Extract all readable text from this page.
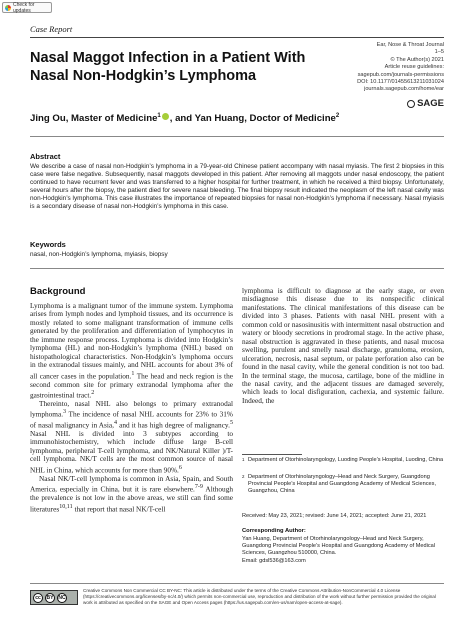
Check for updates
Case Report
Nasal Maggot Infection in a Patient With Nasal Non-Hodgkin’s Lymphoma
Ear, Nose & Throat Journal
1–5
© The Author(s) 2021
Article reuse guidelines:
sagepub.com/journals-permissions
DOI: 10.1177/01455613211031024
journals.sagepub.com/home/ear
SAGE
Jing Ou, Master of Medicine$^1$ , and Yan Huang, Doctor of Medicine$^2$
Abstract
We describe a case of nasal non-Hodgkin’s lymphoma in a 79-year-old Chinese patient accompany with nasal myiasis. The first 2 biopsies in this case were false negative. Subsequently, nasal maggots developed in this patient. After removing all maggots under nasal endoscopy, the patient continued to have recurrent fever and was transferred to a higher hospital for further treatment, in which he received a third biopsy. Unfortunately, several hours after the biopsy, the patient died for severe nasal bleeding. The final biopsy result indicated the neoplasm of the left nasal cavity was non-Hodgkin’s lymphoma. This case illustrates the importance of repeated biopsies for nasal non-Hodgkin’s lymphoma if necessary. Nasal myiasis is a secondary disease of nasal non-Hodgkin’s lymphoma in this case.
Keywords
nasal, non-Hodgkin’s lymphoma, myiasis, biopsy
Background

Lymphoma is a malignant tumor of the immune system. Lymphoma arises from lymph nodes and lymphoid tissues, and its occurrence is mostly related to some malignant transformation of immune cells generated by the proliferation and differentiation of lymphocytes in the immune response process. Lymphoma is divided into Hodgkin’s lymphoma (HL) and non-Hodgkin’s lymphoma (NHL) based on histopathological characteristics. Non-Hodgkin’s lymphoma occurs in the extranodal tissues mainly, and NHL accounts for about 3% of all cancer cases in the population.$^1$ The head and neck region is the second common site for primary extranodal lymphoma after the gastrointestinal tract.$^2$

Thereinto, nasal NHL also belongs to primary extranodal lymphoma.$^3$ The incidence of nasal NHL accounts for 23% to 31% of nasal malignancy in Asia,$^4$ and it has high degree of malignancy.$^5$ Nasal NHL is divided into 3 subtypes according to immunohistochemistry, which include diffuse large B-cell lymphoma, peripheral T-cell lymphoma, and NK/Natural Killer )/T-cell lymphoma. NK/T cells are the most common source of nasal NHL in China, which accounts for more than 90%.$^6$

Nasal NK/T-cell lymphoma is common in Asia, Spain, and South America, especially in China, but it is rare elsewhere.$^{7-9}$ Although the prevalence is not low in the above areas, we still can find some literatures$^{10,11}$ that report that nasal NK/T-cell

lymphoma is difficult to diagnose at the early stage, or even misdiagnose this disease due to its nonspecific clinical manifestations. The clinical manifestations of this disease can be divided into 3 phases. Patients with nasal NHL present with a common cold or nasosinusitis with intermittent nasal obstruction and watery or bloody secretions in prodromal stage. In the active phase, nasal obstruction is aggravated in these patients, and nasal mucosa swelling, purulent and smelly nasal discharge, granuloma, erosion, ulceration, necrosis, nasal septum, or palate perforation also can be found in the nasal cavity, while the general condition is not too bad. In the terminal stage, the mucosa, cartilage, bone of the midline in the nasal cavity, and the adjacent tissues are damaged severely, which leads to local disfiguration, cachexia, and systemic failure. Indeed, the

1 Department of Otorhinolaryngology, Luoding People’s Hospital, Luoding, China
2 Department of Otorhinolaryngology–Head and Neck Surgery, Guangdong Provincial People’s Hospital and Guangdong Academy of Medical Sciences, Guangzhou, China
Received: May 23, 2021; revised: June 14, 2021; accepted: June 21, 2021
Corresponding Author:
Yan Huang, Department of Otorhinolaryngology–Head and Neck Surgery, Guangdong Provincial People’s Hospital and Guangdong Academy of Medical Sciences, Guangzhou 510000, China.
Email: gdsl536@163.com
cc	BY NC
Creative Commons Non Commercial CC BY-NC: This article is distributed under the terms of the Creative Commons Attribution-NonCommercial 4.0 License (https://creativecommons.org/licenses/by-nc/4.0/) which permits non-commercial use, reproduction and distribution of the work without further permission provided the original work is attributed as specified on the SAGE and Open Access pages (https://us.sagepub.com/en-us/nam/open-access-at-sage).
